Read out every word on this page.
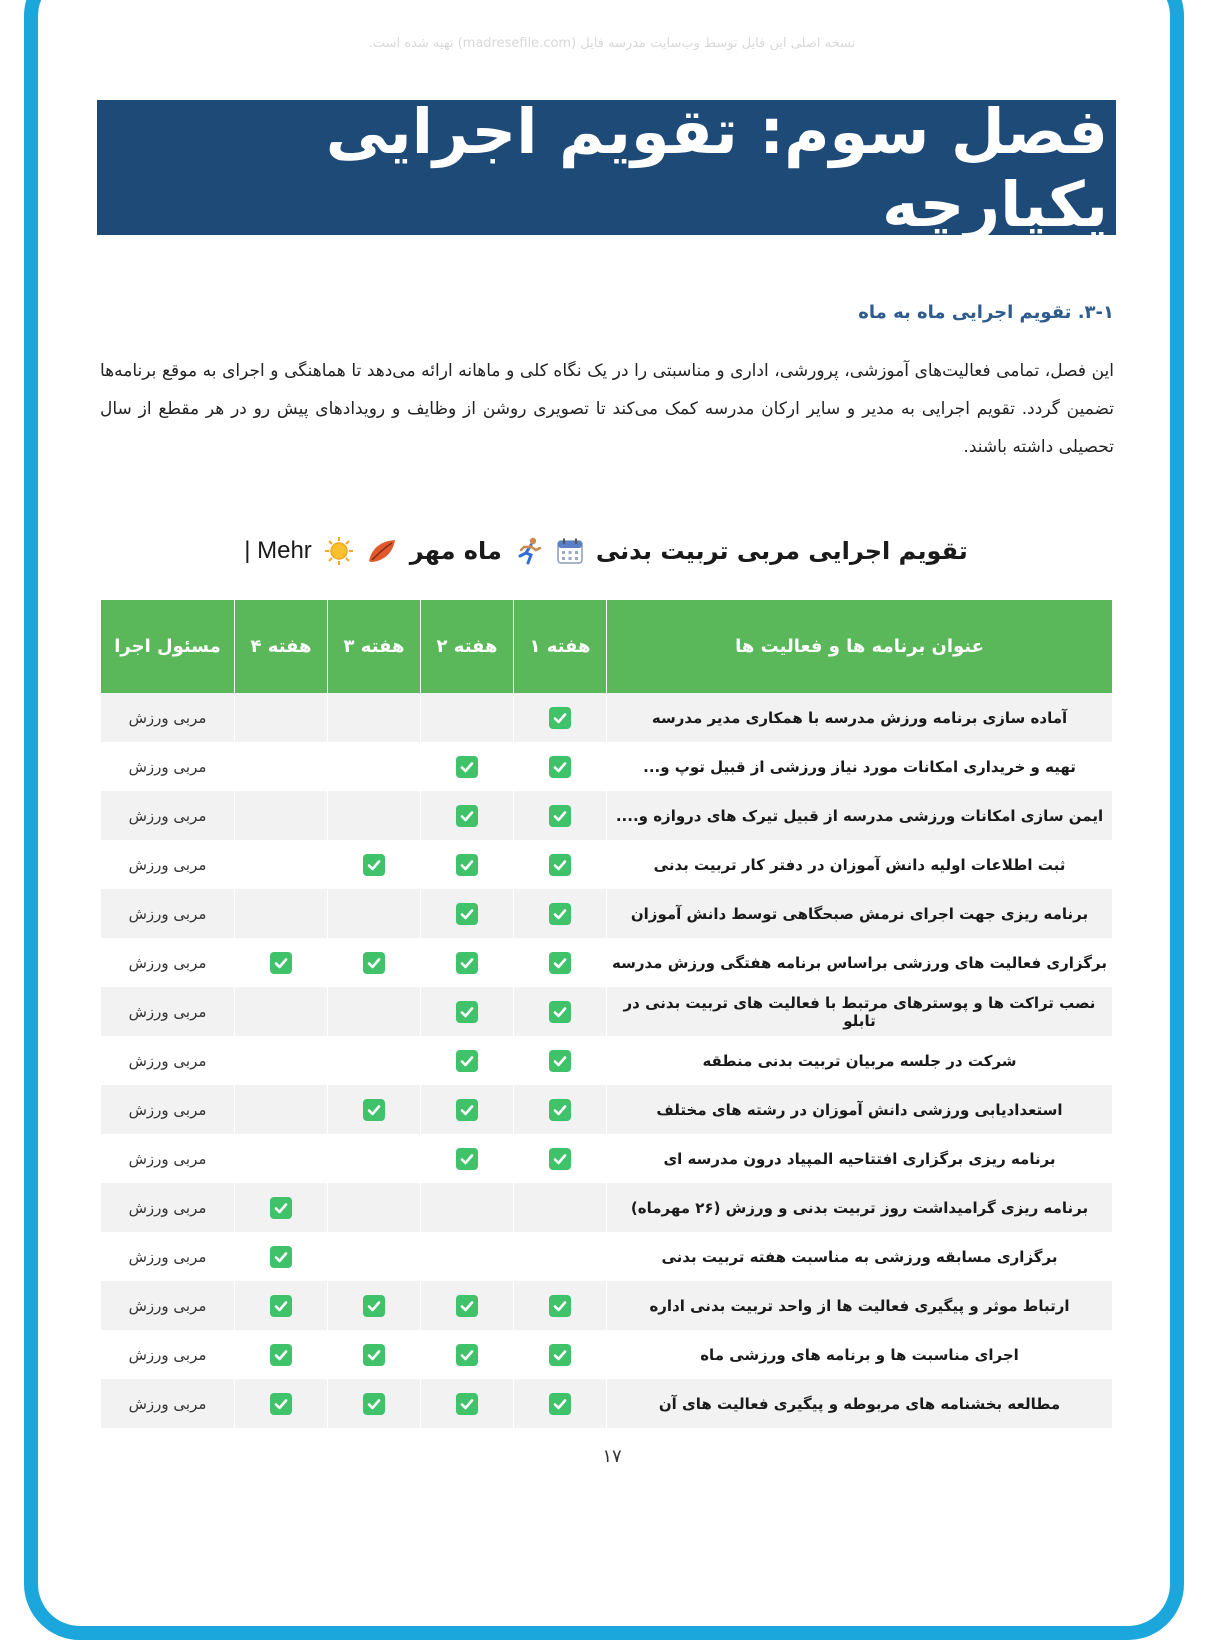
نسخه اصلی این فایل توسط وب‌سایت مدرسه فایل (madresefile.com) تهیه شده است.
فصل سوم: تقویم اجرایی یکپارچه
۳-۱. تقویم اجرایی ماه به ماه
این فصل، تمامی فعالیت‌های آموزشی، پرورشی، اداری و مناسبتی را در یک نگاه کلی و ماهانه ارائه می‌دهد تا هماهنگی و اجرای به موقع برنامه‌ها تضمین گردد. تقویم اجرایی به مدیر و سایر ارکان مدرسه کمک می‌کند تا تصویری روشن از وظایف و رویدادهای پیش رو در هر مقطع از سال تحصیلی داشته باشند.
| Mehr	ماه مهر	تقویم اجرایی مربی تربیت بدنی
عنوان برنامه ها و فعالیت ها	هفته ۱	هفته ۲	هفته ۳	هفته ۴	مسئول اجرا
آماده سازی برنامه ورزش مدرسه با همکاری مدیر مدرسه					مربی ورزش
تهیه و خریداری امکانات مورد نیاز ورزشی از قبیل توپ و...					مربی ورزش
ایمن سازی امکانات ورزشی مدرسه از قبیل تیرک های دروازه و....					مربی ورزش
ثبت اطلاعات اولیه دانش آموزان در دفتر کار تربیت بدنی					مربی ورزش
برنامه ریزی جهت اجرای نرمش صبحگاهی توسط دانش آموزان					مربی ورزش
برگزاری فعالیت های ورزشی براساس برنامه هفتگی ورزش مدرسه					مربی ورزش
نصب تراکت ها و پوسترهای مرتبط با فعالیت های تربیت بدنی در تابلو					مربی ورزش
شرکت در جلسه مربیان تربیت بدنی منطقه					مربی ورزش
استعدادیابی ورزشی دانش آموزان در رشته های مختلف					مربی ورزش
برنامه ریزی برگزاری افتتاحیه المپیاد درون مدرسه ای					مربی ورزش
برنامه ریزی گرامیداشت روز تربیت بدنی و ورزش (۲۶ مهرماه)					مربی ورزش
برگزاری مسابقه ورزشی به مناسبت هفته تربیت بدنی					مربی ورزش
ارتباط موثر و پیگیری فعالیت ها از واحد تربیت بدنی اداره					مربی ورزش
اجرای مناسبت ها و برنامه های ورزشی ماه					مربی ورزش
مطالعه بخشنامه های مربوطه و پیگیری فعالیت های آن					مربی ورزش
۱۷
